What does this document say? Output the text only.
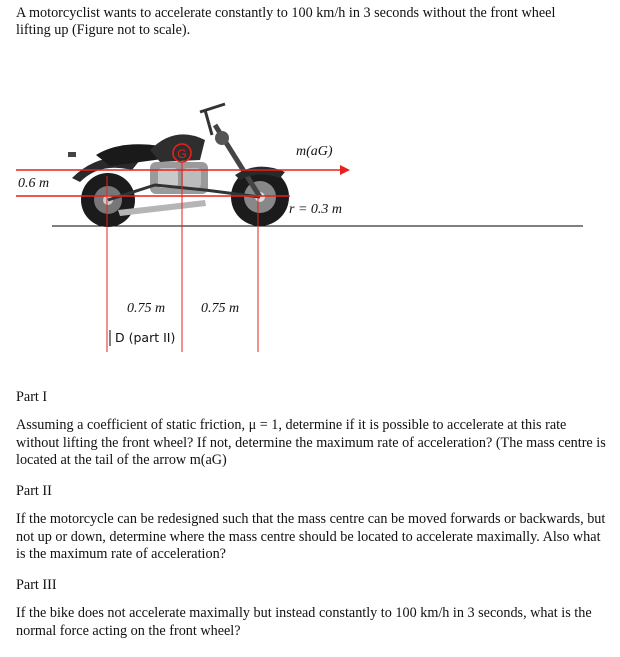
A motorcyclist wants to accelerate constantly to 100 km/h in 3 seconds without the front wheel

lifting up (Figure not to scale).

G
0.6 m
m(aG)
r = 0.3 m
0.75 m	0.75 m
D (part II)

Part I

Assuming a coefficient of static friction, μ = 1, determine if it is possible to accelerate at this rate without lifting the front wheel? If not, determine the maximum rate of acceleration? (The mass centre is located at the tail of the arrow m(aG)

Part II

If the motorcycle can be redesigned such that the mass centre can be moved forwards or backwards, but not up or down, determine where the mass centre should be located to accelerate maximally. Also what is the maximum rate of acceleration?

Part III

If the bike does not accelerate maximally but instead constantly to 100 km/h in 3 seconds, what is the normal force acting on the front wheel?
